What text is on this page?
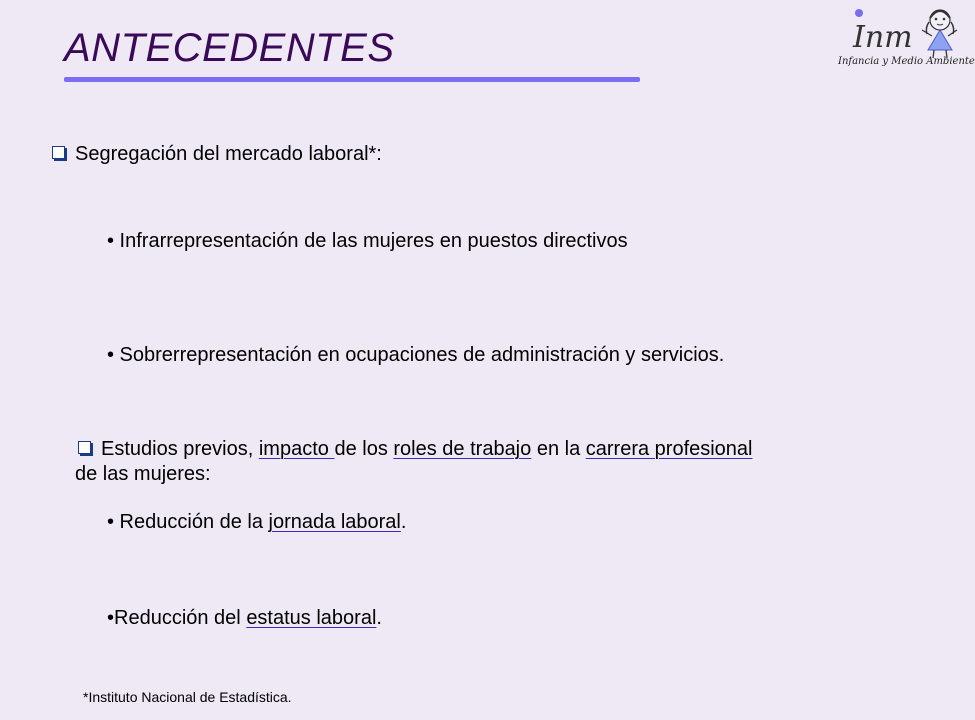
ANTECEDENTES	Inm
Infancia y Medio Ambiente
Segregación del mercado laboral*:
• Infrarrepresentación de las mujeres en puestos directivos
• Sobrerrepresentación en ocupaciones de administración y servicios.
Estudios previos, impacto de los roles de trabajo en la carrera profesional
de las mujeres:
• Reducción de la jornada laboral.
•Reducción del estatus laboral.
*Instituto Nacional de Estadística.
